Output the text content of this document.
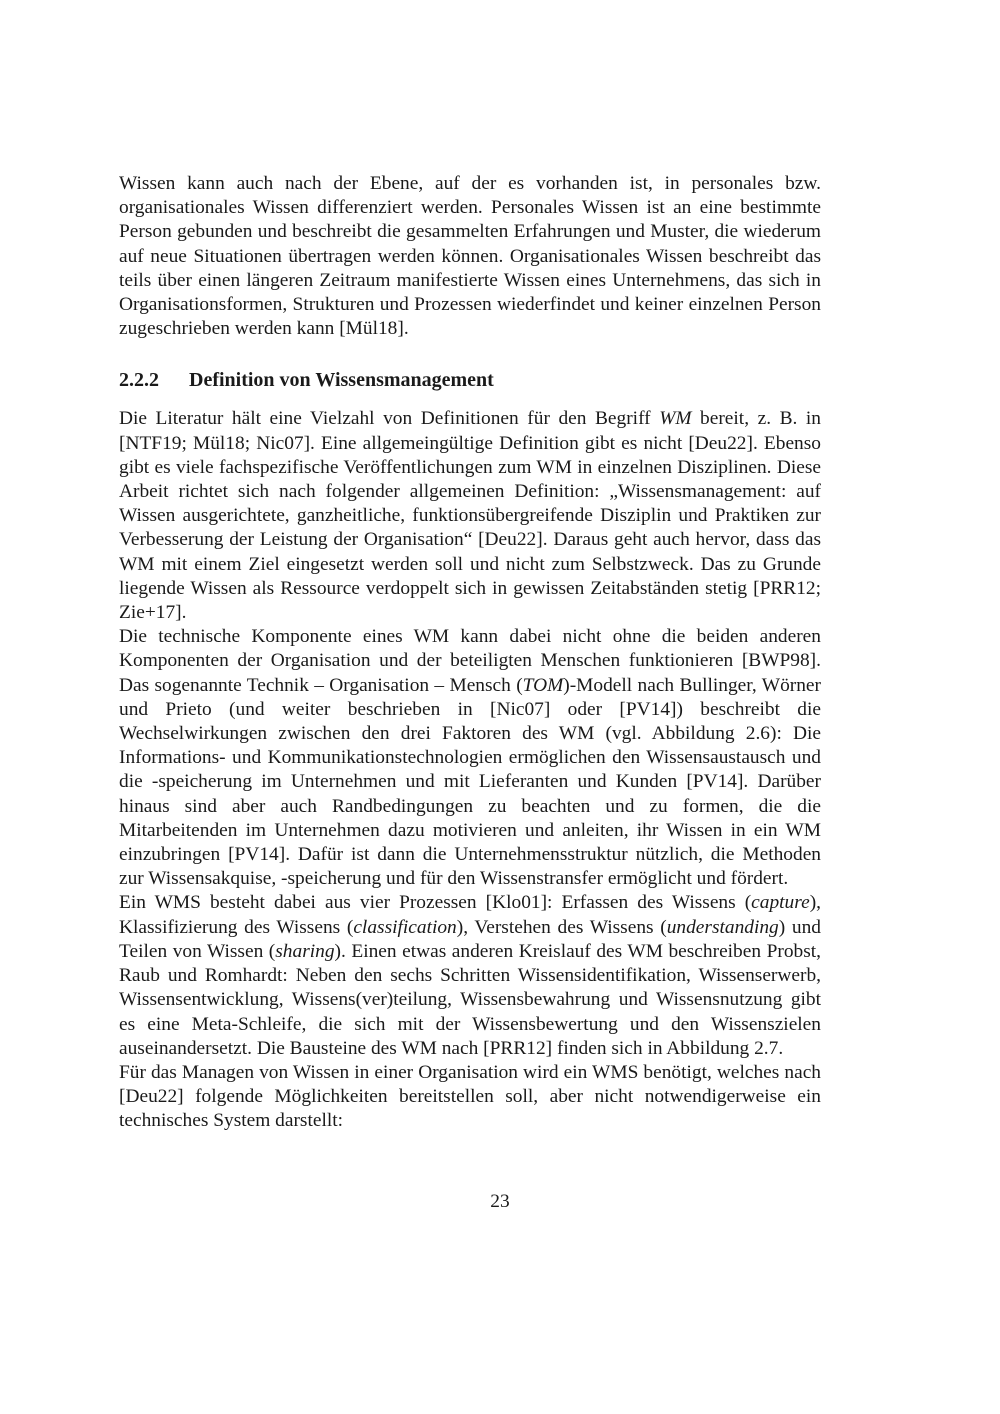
Wissen kann auch nach der Ebene, auf der es vorhanden ist, in personales bzw. organisationales Wissen differenziert werden. Personales Wissen ist an eine bestimmte Person gebunden und beschreibt die gesammelten Erfahrungen und Muster, die wiederum auf neue Situationen übertragen werden können. Organisationales Wissen beschreibt das teils über einen längeren Zeitraum manifestierte Wissen eines Unternehmens, das sich in Organisationsformen, Strukturen und Prozessen wiederfindet und keiner einzelnen Person zugeschrieben werden kann [Mül18].

2.2.2	Definition von Wissensmanagement

Die Literatur hält eine Vielzahl von Definitionen für den Begriff WM bereit, z. B. in [NTF19; Mül18; Nic07]. Eine allgemeingültige Definition gibt es nicht [Deu22]. Ebenso gibt es viele fachspezifische Veröffentlichungen zum WM in einzelnen Disziplinen. Diese Arbeit richtet sich nach folgender allgemeinen Definition: „Wissensmanagement: auf Wissen ausgerichtete, ganzheitliche, funktionsübergreifende Disziplin und Praktiken zur Verbesserung der Leistung der Organisation“ [Deu22]. Daraus geht auch hervor, dass das WM mit einem Ziel eingesetzt werden soll und nicht zum Selbstzweck. Das zu Grunde liegende Wissen als Ressource verdoppelt sich in gewissen Zeitabständen stetig [PRR12; Zie+17].

Die technische Komponente eines WM kann dabei nicht ohne die beiden anderen Komponenten der Organisation und der beteiligten Menschen funktionieren [BWP98]. Das sogenannte Technik – Organisation – Mensch (TOM)-Modell nach Bullinger, Wörner und Prieto (und weiter beschrieben in [Nic07] oder [PV14]) beschreibt die Wechselwirkungen zwischen den drei Faktoren des WM (vgl. Abbildung 2.6): Die Informations- und Kommunikationstechnologien ermöglichen den Wissensaustausch und die -speicherung im Unternehmen und mit Lieferanten und Kunden [PV14]. Darüber hinaus sind aber auch Randbedingungen zu beachten und zu formen, die die Mitarbeitenden im Unternehmen dazu motivieren und anleiten, ihr Wissen in ein WM einzubringen [PV14]. Dafür ist dann die Unternehmensstruktur nützlich, die Methoden zur Wissensakquise, -speicherung und für den Wissenstransfer ermöglicht und fördert.

Ein WMS besteht dabei aus vier Prozessen [Klo01]: Erfassen des Wissens (capture), Klassifizierung des Wissens (classification), Verstehen des Wissens (understanding) und Teilen von Wissen (sharing). Einen etwas anderen Kreislauf des WM beschreiben Probst, Raub und Romhardt: Neben den sechs Schritten Wissensidentifikation, Wissenserwerb, Wissensentwicklung, Wissens(ver)teilung, Wissensbewahrung und Wissensnutzung gibt es eine Meta-Schleife, die sich mit der Wissensbewertung und den Wissenszielen auseinandersetzt. Die Bausteine des WM nach [PRR12] finden sich in Abbildung 2.7.

Für das Managen von Wissen in einer Organisation wird ein WMS benötigt, welches nach [Deu22] folgende Möglichkeiten bereitstellen soll, aber nicht notwendigerweise ein technisches System darstellt:

23
